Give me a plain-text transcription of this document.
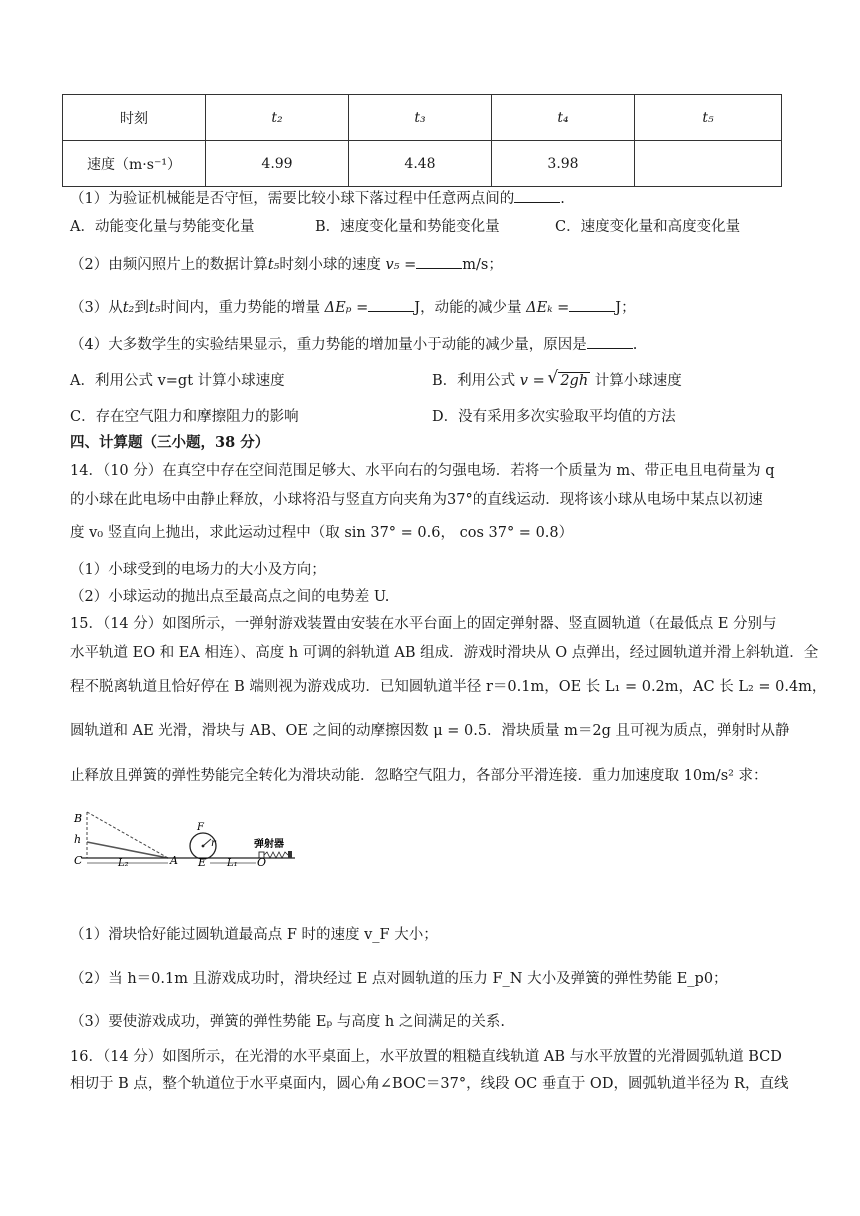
时刻	t₂	t₃	t₄	t₅
速度（m·s⁻¹）	4.99	4.48	3.98	
（1）为验证机械能是否守恒，需要比较小球下落过程中任意两点间的	.
A．动能变化量与势能变化量	B．速度变化量和势能变化量	C．速度变化量和高度变化量
（2）由频闪照片上的数据计算t₅时刻小球的速度 v₅ =	m/s；
（3）从t₂到t₅时间内，重力势能的增量 ΔEₚ =	J，动能的减少量 ΔEₖ =	J；
（4）大多数学生的实验结果显示，重力势能的增加量小于动能的减少量，原因是	.
A．利用公式 v=gt 计算小球速度	B．利用公式 v = √ 2gh 计算小球速度
C．存在空气阻力和摩擦阻力的影响	D．没有采用多次实验取平均值的方法
四、计算题（三小题，38 分）
14．（10 分）在真空中存在空间范围足够大、水平向右的匀强电场．若将一个质量为 m、带正电且电荷量为 q
的小球在此电场中由静止释放，小球将沿与竖直方向夹角为37°的直线运动．现将该小球从电场中某点以初速
度 v₀ 竖直向上抛出，求此运动过程中（取 sin 37° = 0.6， cos 37° = 0.8）
（1）小球受到的电场力的大小及方向；
（2）小球运动的抛出点至最高点之间的电势差 U.
15．（14 分）如图所示，一弹射游戏装置由安装在水平台面上的固定弹射器、竖直圆轨道（在最低点 E 分别与
水平轨道 EO 和 EA 相连）、高度 h 可调的斜轨道 AB 组成．游戏时滑块从 O 点弹出，经过圆轨道并滑上斜轨道．全
程不脱离轨道且恰好停在 B 端则视为游戏成功．已知圆轨道半径 r＝0.1m，OE 长 L₁ = 0.2m，AC 长 L₂ = 0.4m，
圆轨道和 AE 光滑，滑块与 AB、OE 之间的动摩擦因数 μ = 0.5．滑块质量 m＝2g 且可视为质点，弹射时从静
止释放且弹簧的弹性势能完全转化为滑块动能．忽略空气阻力，各部分平滑连接．重力加速度取 10m/s² 求：
B
h
C	L₂	A
F
r
E L₁ O
弹射器
（1）滑块恰好能过圆轨道最高点 F 时的速度 v_F 大小；
（2）当 h＝0.1m 且游戏成功时，滑块经过 E 点对圆轨道的压力 F_N 大小及弹簧的弹性势能 E_p0；
（3）要使游戏成功，弹簧的弹性势能 Eₚ 与高度 h 之间满足的关系.
16．（14 分）如图所示，在光滑的水平桌面上，水平放置的粗糙直线轨道 AB 与水平放置的光滑圆弧轨道 BCD
相切于 B 点，整个轨道位于水平桌面内，圆心角∠BOC＝37°，线段 OC 垂直于 OD，圆弧轨道半径为 R，直线
